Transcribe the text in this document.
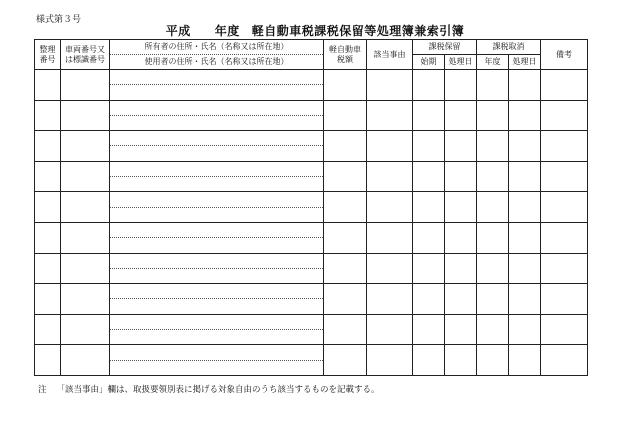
様式第３号
平成 年度 軽自動車税課税保留等処理簿兼索引簿
整理番号	車両番号又は標識番号	所有者の住所・氏名（名称又は所在地）	軽自動車税額	該当事由	課税保留		課税取消		備考
		使用者の住所・氏名（名称又は所在地）			始期	処理日	年度	処理日	

注 「該当事由」欄は、取扱要領別表に掲げる対象自由のうち該当するものを記載する。
